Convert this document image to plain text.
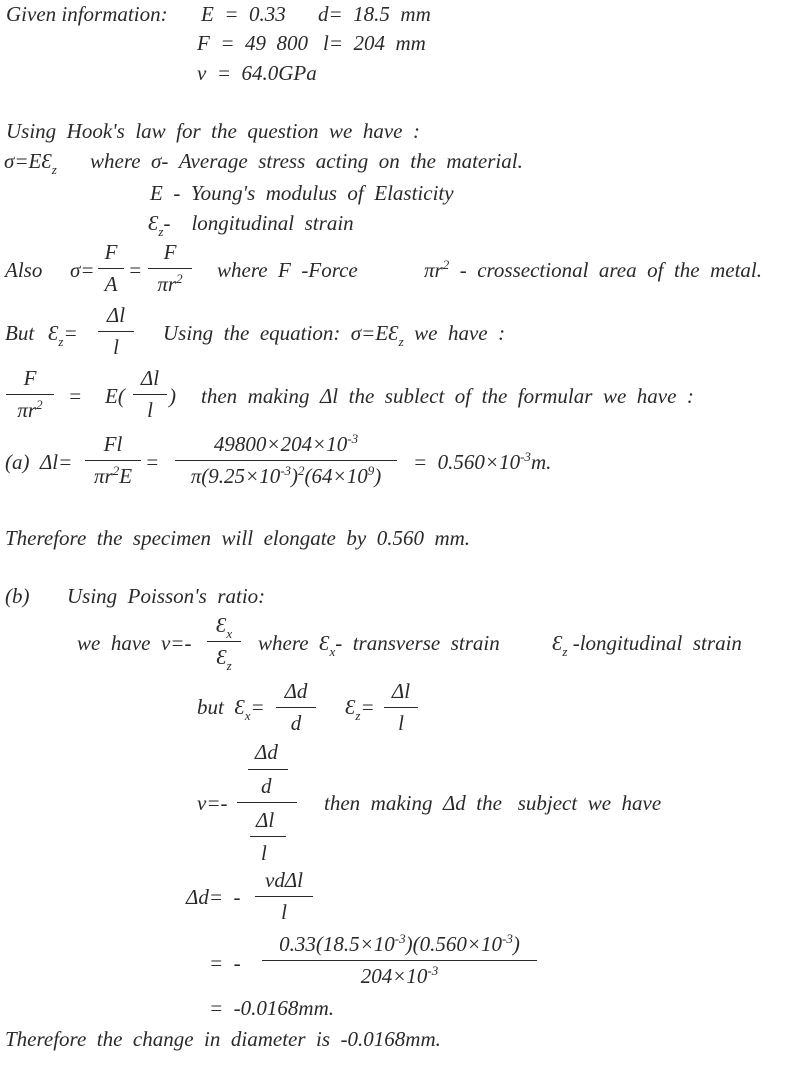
Given information: E  =  0.33 d=  18.5  mm
F  =  49  800 l=  204  mm
ν  =  64.0GPa
Using  Hook's  law  for  the  question  we  have  :
$\sigma=EƐ_z$ where  σ-  Average  stress  acting  on  the  material.
E  -  Young's  modulus  of  Elasticity
$Ɛ_z-$    longitudinal  strain
Also σ=
F
A
=
F
$\pi r^2$	where  F  -Force	$\pi r^2$ -  crossectional  area  of  the  metal.
But $Ɛ_z=$
Δl
l
Using  the  equation:  $\sigma=EƐ_z$ we  have  :
F
$\pi r^2$	= E(
Δl
l
) then  making  Δl  the  sublect  of  the  formular  we  have  :
(a)  Δl=
Fl
$\pi r^2E$
=
$49800\times 204\times 10^{-3}$
$\pi(9.25\times 10^{-3})^2(64\times 10^9)$
=  $0.560\times 10^{-3}m$.
Therefore  the  specimen  will  elongate  by  0.560  mm.
(b) Using  Poisson's  ratio:
we  have  ν=-
$Ɛ_x$
$Ɛ_z$
where  $Ɛ_x-$  transverse  strain $Ɛ_z$ -longitudinal  strain
but  $Ɛ_x=$
Δd
d
$Ɛ_z=$
Δl
l
ν=-
Δd
d
Δl
l
then  making  Δd  the   subject  we  have
Δd=  -
νdΔl
l
=  -
$0.33(18.5\times 10^{-3})(0.560\times 10^{-3})$
$204\times 10^{-3}$
=  -0.0168mm.
Therefore  the  change  in  diameter  is  -0.0168mm.
